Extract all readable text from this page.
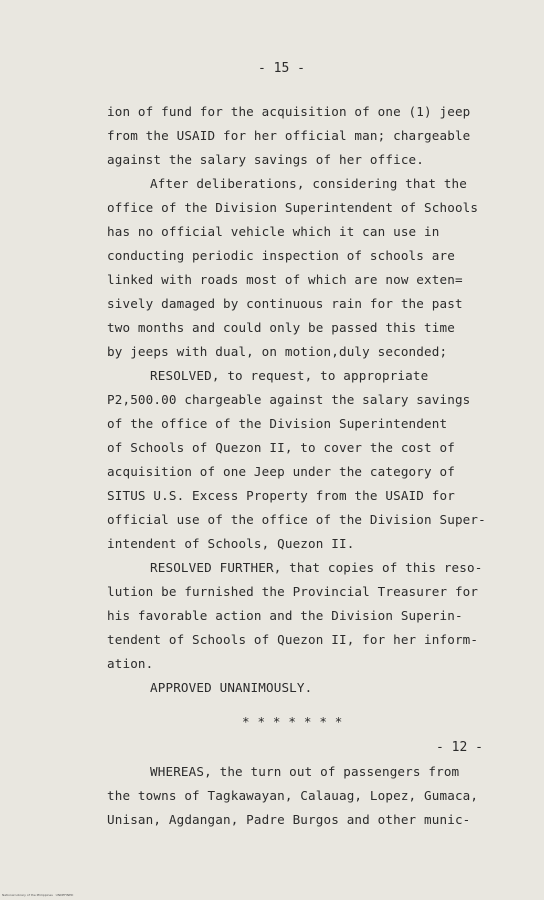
- 15 -
ion of fund for the acquisition of one (1) jeep
from the USAID for her official man; chargeable
against the salary savings of her office.
After deliberations, considering that the
office of the Division Superintendent of Schools
has no official vehicle which it can use in
conducting periodic inspection of schools are
linked with roads most of which are now exten=
sively damaged by continuous rain for the past
two months and could only be passed this time
by jeeps with dual, on motion,duly seconded;
RESOLVED, to request, to appropriate
P2,500.00 chargeable against the salary savings
of the office of the Division Superintendent
of Schools of Quezon II, to cover the cost of
acquisition of one Jeep under the category of
SITUS U.S. Excess Property from the USAID for
official use of the office of the Division Super-
intendent of Schools, Quezon II.
RESOLVED FURTHER, that copies of this reso-
lution be furnished the Provincial Treasurer for
his favorable action and the Division Superin-
tendent of Schools of Quezon II, for her inform-
ation.
APPROVED UNANIMOUSLY.
* * * * * * *
- 12 -
WHEREAS, the turn out of passengers from
the towns of Tagkawayan, Calauag, Lopez, Gumaca,
Unisan, Agdangan, Padre Burgos and other munic-
National Library of the Philippines   UNDEFINED
